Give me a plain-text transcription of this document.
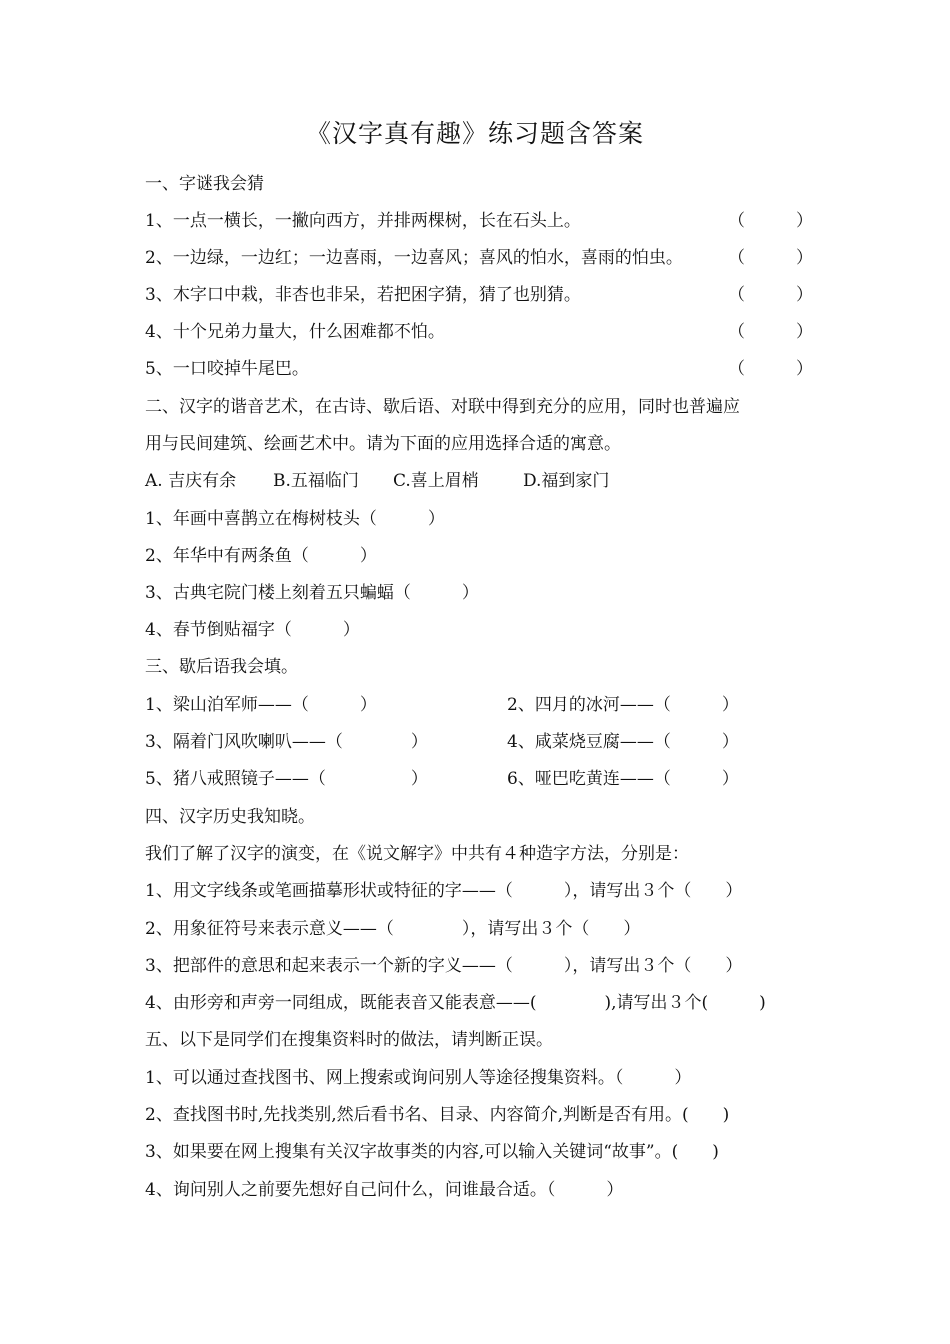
《汉字真有趣》练习题含答案
一、字谜我会猜
1、一点一横长，一撇向西方，并排两棵树，长在石头上。	（　　　）
2、一边绿，一边红；一边喜雨，一边喜风；喜风的怕水，喜雨的怕虫。	（　　　）
3、木字口中栽，非杏也非呆，若把困字猜，猜了也别猜。	（　　　）
4、十个兄弟力量大，什么困难都不怕。	（　　　）
5、一口咬掉牛尾巴。	（　　　）
二、汉字的谐音艺术，在古诗、歇后语、对联中得到充分的应用，同时也普遍应
用与民间建筑、绘画艺术中。请为下面的应用选择合适的寓意。
A. 吉庆有余 B.五福临门 C.喜上眉梢	D.福到家门
1、年画中喜鹊立在梅树枝头（　　　）
2、年华中有两条鱼（　　　）
3、古典宅院门楼上刻着五只蝙蝠（　　　）
4、春节倒贴福字（　　　）
三、歇后语我会填。
1、梁山泊军师——（　　　）	2、四月的冰河——（　　　）
3、隔着门风吹喇叭——（　　　　）	4、咸菜烧豆腐——（　　　）
5、猪八戒照镜子——（　　　　　）	6、哑巴吃黄连——（　　　）
四、汉字历史我知晓。
我们了解了汉字的演变，在《说文解字》中共有４种造字方法，分别是：
1、用文字线条或笔画描摹形状或特征的字——（　　　），请写出３个（　　）
2、用象征符号来表示意义——（　　　　），请写出３个（　　）
3、把部件的意思和起来表示一个新的字义——（　　　），请写出３个（　　）
4、由形旁和声旁一同组成，既能表音又能表意——(　　　　),请写出３个(　　　)
五、以下是同学们在搜集资料时的做法，请判断正误。
1、可以通过查找图书、网上搜索或询问别人等途径搜集资料。（　　　）
2、查找图书时,先找类别,然后看书名、目录、内容简介,判断是否有用。(　　)
3、如果要在网上搜集有关汉字故事类的内容,可以输入关键词“故事”。(　　)
4、询问别人之前要先想好自己问什么，问谁最合适。（　　　）
